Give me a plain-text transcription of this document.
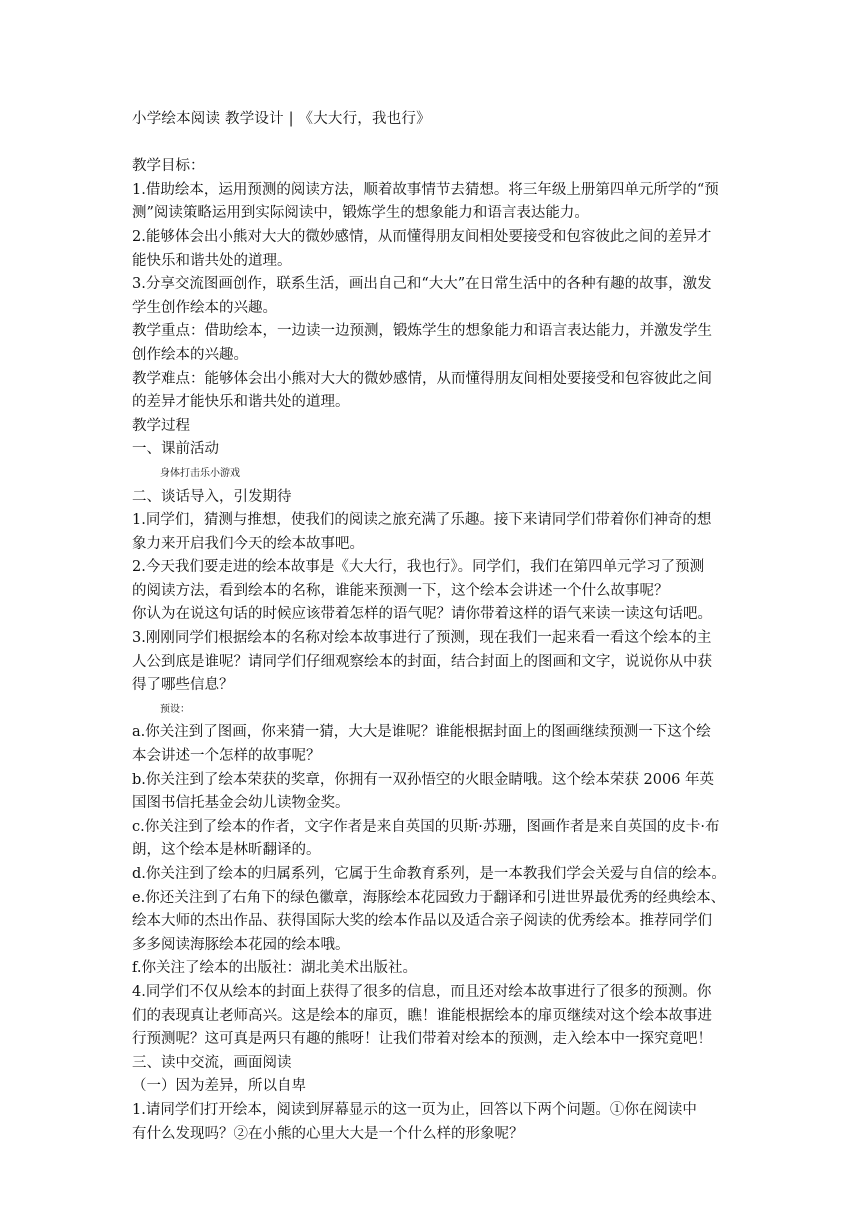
小学绘本阅读 教学设计 | 《大大行，我也行》
教学目标：
1.借助绘本，运用预测的阅读方法，顺着故事情节去猜想。将三年级上册第四单元所学的“预
测”阅读策略运用到实际阅读中，锻炼学生的想象能力和语言表达能力。
2.能够体会出小熊对大大的微妙感情，从而懂得朋友间相处要接受和包容彼此之间的差异才
能快乐和谐共处的道理。
3.分享交流图画创作，联系生活，画出自己和“大大”在日常生活中的各种有趣的故事，激发
学生创作绘本的兴趣。
教学重点：借助绘本，一边读一边预测，锻炼学生的想象能力和语言表达能力，并激发学生
创作绘本的兴趣。
教学难点：能够体会出小熊对大大的微妙感情，从而懂得朋友间相处要接受和包容彼此之间
的差异才能快乐和谐共处的道理。
教学过程
一、课前活动
身体打击乐小游戏
二、谈话导入，引发期待
1.同学们，猜测与推想，使我们的阅读之旅充满了乐趣。接下来请同学们带着你们神奇的想
象力来开启我们今天的绘本故事吧。
2.今天我们要走进的绘本故事是《大大行，我也行》。同学们，我们在第四单元学习了预测
的阅读方法，看到绘本的名称，谁能来预测一下，这个绘本会讲述一个什么故事呢？
你认为在说这句话的时候应该带着怎样的语气呢？请你带着这样的语气来读一读这句话吧。
3.刚刚同学们根据绘本的名称对绘本故事进行了预测，现在我们一起来看一看这个绘本的主
人公到底是谁呢？请同学们仔细观察绘本的封面，结合封面上的图画和文字，说说你从中获
得了哪些信息？
预设：
a.你关注到了图画，你来猜一猜，大大是谁呢？谁能根据封面上的图画继续预测一下这个绘
本会讲述一个怎样的故事呢？
b.你关注到了绘本荣获的奖章，你拥有一双孙悟空的火眼金睛哦。这个绘本荣获 2006 年英
国图书信托基金会幼儿读物金奖。
c.你关注到了绘本的作者，文字作者是来自英国的贝斯·苏珊，图画作者是来自英国的皮卡·布
朗，这个绘本是林昕翻译的。
d.你关注到了绘本的归属系列，它属于生命教育系列，是一本教我们学会关爱与自信的绘本。
e.你还关注到了右角下的绿色徽章，海豚绘本花园致力于翻译和引进世界最优秀的经典绘本、
绘本大师的杰出作品、获得国际大奖的绘本作品以及适合亲子阅读的优秀绘本。推荐同学们
多多阅读海豚绘本花园的绘本哦。
f.你关注了绘本的出版社：湖北美术出版社。
4.同学们不仅从绘本的封面上获得了很多的信息，而且还对绘本故事进行了很多的预测。你
们的表现真让老师高兴。这是绘本的扉页，瞧！谁能根据绘本的扉页继续对这个绘本故事进
行预测呢？这可真是两只有趣的熊呀！让我们带着对绘本的预测，走入绘本中一探究竟吧！
三、读中交流，画面阅读
（一）因为差异，所以自卑
1.请同学们打开绘本，阅读到屏幕显示的这一页为止，回答以下两个问题。①你在阅读中
有什么发现吗？②在小熊的心里大大是一个什么样的形象呢？
